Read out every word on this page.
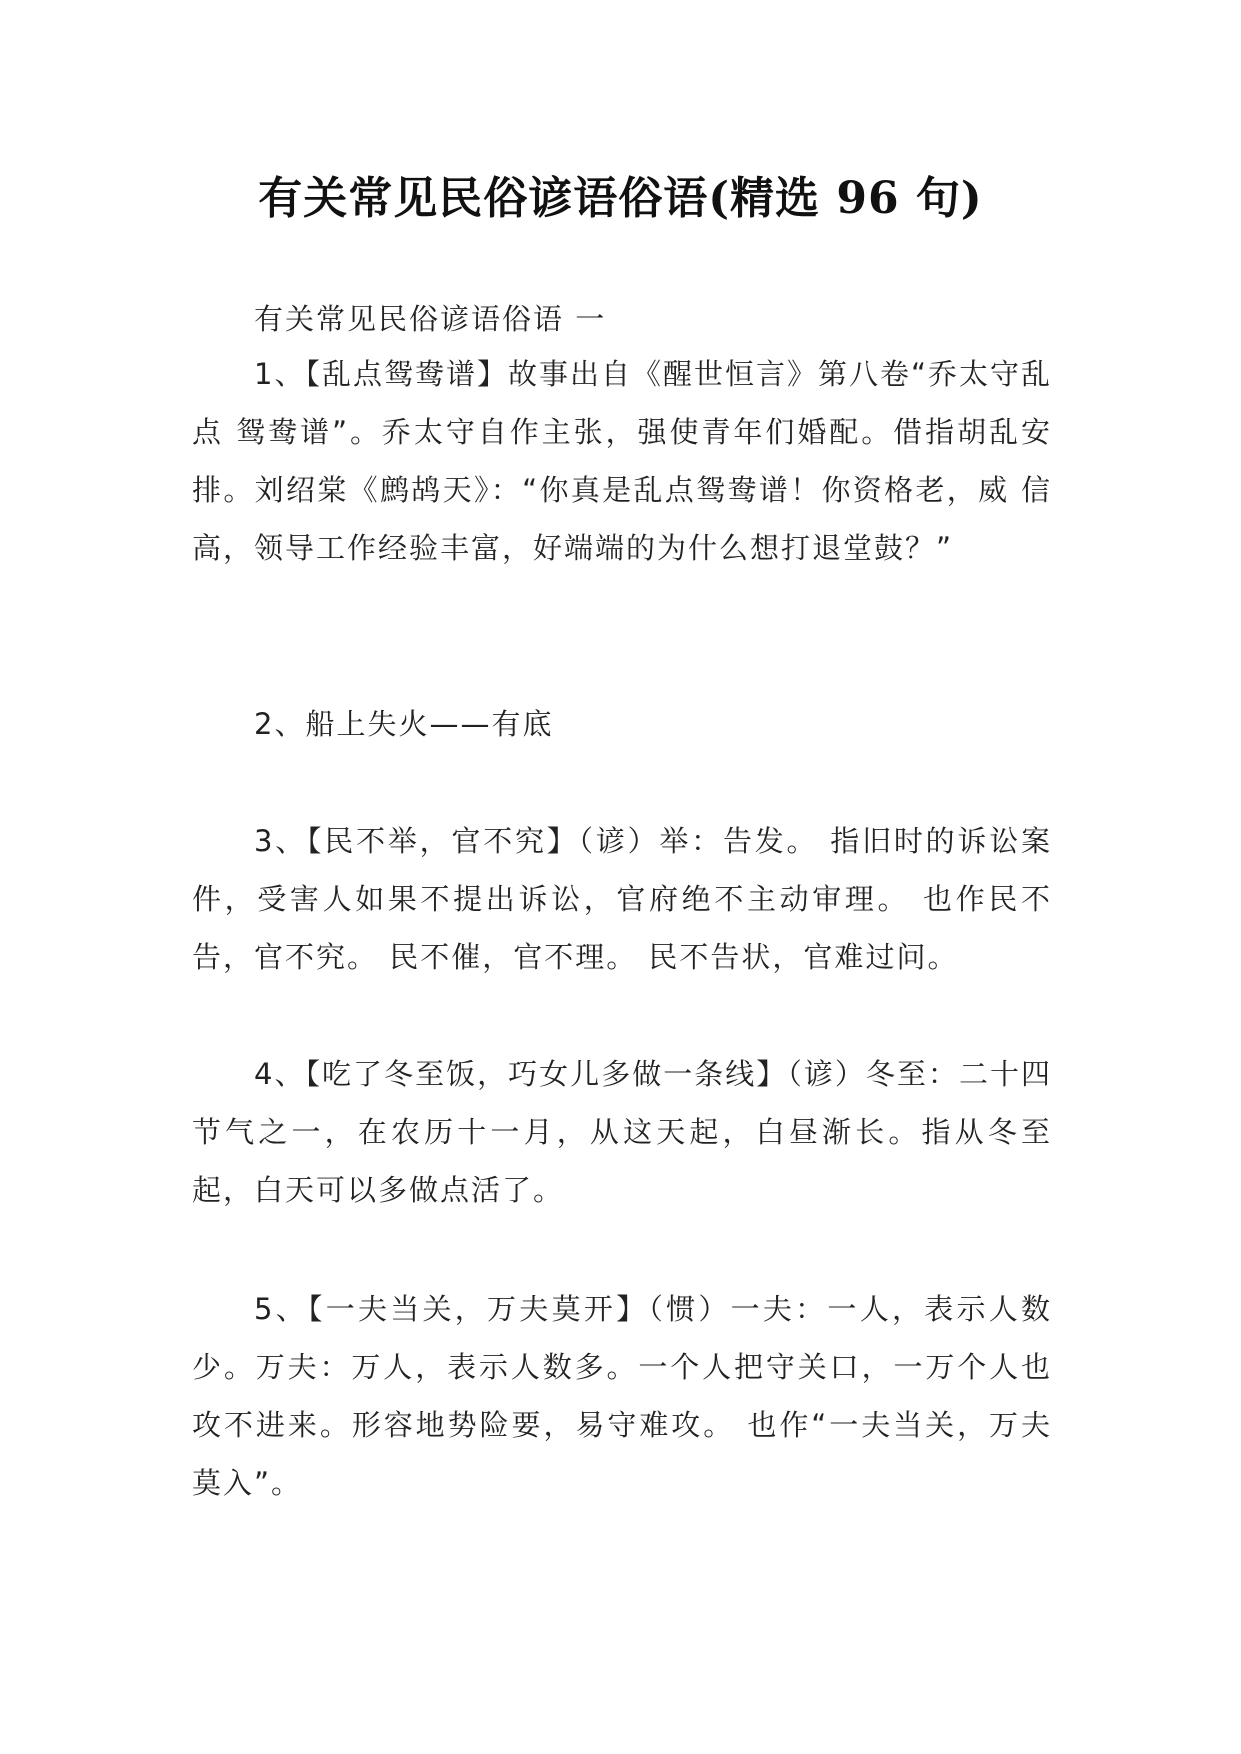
有关常见民俗谚语俗语(精选 96 句)

有关常见民俗谚语俗语 一

1、【乱点鸳鸯谱】故事出自《醒世恒言》第八卷“乔太守乱点 鸳鸯谱”。乔太守自作主张，强使青年们婚配。借指胡乱安 排。刘绍棠《鹧鸪天》：“你真是乱点鸳鸯谱！你资格老，威 信高，领导工作经验丰富，好端端的为什么想打退堂鼓？”

2、船上失火——有底

3、【民不举，官不究】（谚）举：告发。 指旧时的诉讼案件，受害人如果不提出诉讼，官府绝不主动审理。 也作民不告，官不究。 民不催，官不理。 民不告状，官难过问。

4、【吃了冬至饭，巧女儿多做一条线】（谚）冬至：二十四节气之一，在农历十一月，从这天起，白昼渐长。指从冬至起，白天可以多做点活了。

5、【一夫当关，万夫莫开】（惯）一夫：一人，表示人数少。万夫：万人，表示人数多。一个人把守关口，一万个人也攻不进来。形容地势险要，易守难攻。 也作“一夫当关，万夫莫入”。
